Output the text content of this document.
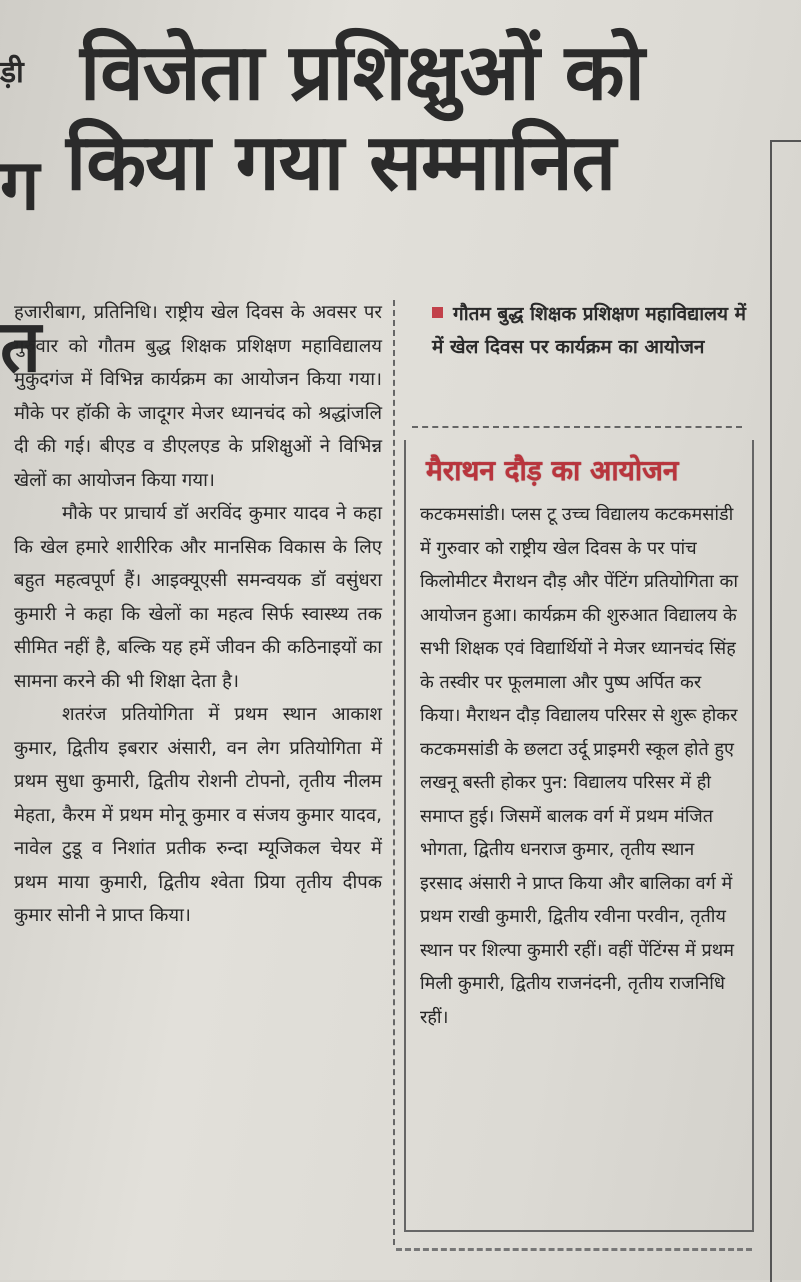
ड़ी
ग
त
विजेता प्रशिक्षुओं को
किया गया सम्मानित

हजारीबाग, प्रतिनिधि। राष्ट्रीय खेल दिवस के अवसर पर गुरुवार को गौतम बुद्ध शिक्षक प्रशिक्षण महाविद्यालय मुकुंदगंज में विभिन्न कार्यक्रम का आयोजन किया गया। मौके पर हॉकी के जादूगर मेजर ध्यानचंद को श्रद्धांजलि दी की गई। बीएड व डीएलएड के प्रशिक्षुओं ने विभिन्न खेलों का आयोजन किया गया।

मौके पर प्राचार्य डॉ अरविंद कुमार यादव ने कहा कि खेल हमारे शारीरिक और मानसिक विकास के लिए बहुत महत्वपूर्ण हैं। आइक्यूएसी समन्वयक डॉ वसुंधरा कुमारी ने कहा कि खेलों का महत्व सिर्फ स्वास्थ्य तक सीमित नहीं है, बल्कि यह हमें जीवन की कठिनाइयों का सामना करने की भी शिक्षा देता है।

शतरंज प्रतियोगिता में प्रथम स्थान आकाश कुमार, द्वितीय इबरार अंसारी, वन लेग प्रतियोगिता में प्रथम सुधा कुमारी, द्वितीय रोशनी टोपनो, तृतीय नीलम मेहता, कैरम में प्रथम मोनू कुमार व संजय कुमार यादव, नावेल टुडू व निशांत प्रतीक रुन्दा म्यूजिकल चेयर में प्रथम माया कुमारी, द्वितीय श्वेता प्रिया तृतीय दीपक कुमार सोनी ने प्राप्त किया।

गौतम बुद्ध शिक्षक प्रशिक्षण महाविद्यालय में में खेल दिवस पर कार्यक्रम का आयोजन
मैराथन दौड़ का आयोजन
कटकमसांडी। प्लस टू उच्च विद्यालय कटकमसांडी में गुरुवार को राष्ट्रीय खेल दिवस के पर पांच किलोमीटर मैराथन दौड़ और पेंटिंग प्रतियोगिता का आयोजन हुआ। कार्यक्रम की शुरुआत विद्यालय के सभी शिक्षक एवं विद्यार्थियों ने मेजर ध्यानचंद सिंह के तस्वीर पर फूलमाला और पुष्प अर्पित कर किया। मैराथन दौड़ विद्यालय परिसर से शुरू होकर कटकमसांडी के छलटा उर्दू प्राइमरी स्कूल होते हुए लखनू बस्ती होकर पुन: विद्यालय परिसर में ही समाप्त हुई। जिसमें बालक वर्ग में प्रथम मंजित भोगता, द्वितीय धनराज कुमार, तृतीय स्थान इरसाद अंसारी ने प्राप्त किया और बालिका वर्ग में प्रथम राखी कुमारी, द्वितीय रवीना परवीन, तृतीय स्थान पर शिल्पा कुमारी रहीं। वहीं पेंटिंग्स में प्रथम मिली कुमारी, द्वितीय राजनंदनी, तृतीय राजनिधि रहीं।
